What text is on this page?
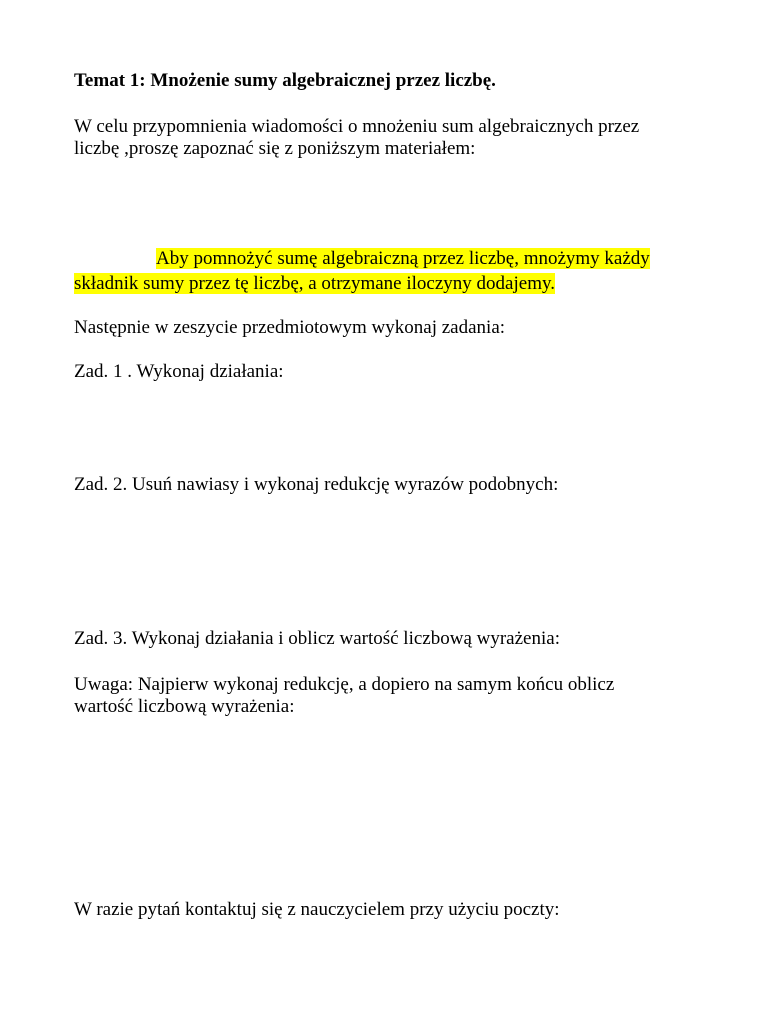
Temat 1: Mnożenie sumy algebraicznej przez liczbę.
W celu przypomnienia wiadomości o mnożeniu sum algebraicznych przez
liczbę ,proszę zapoznać się z poniższym materiałem:
Aby pomnożyć sumę algebraiczną przez liczbę, mnożymy każdy
składnik sumy przez tę liczbę, a otrzymane iloczyny dodajemy.
Następnie w zeszycie przedmiotowym wykonaj zadania:
Zad. 1 . Wykonaj działania:
Zad. 2. Usuń nawiasy i wykonaj redukcję wyrazów podobnych:
Zad. 3. Wykonaj działania i oblicz wartość liczbową wyrażenia:
Uwaga: Najpierw wykonaj redukcję, a dopiero na samym końcu oblicz
wartość liczbową wyrażenia:
W razie pytań kontaktuj się z nauczycielem przy użyciu poczty:
